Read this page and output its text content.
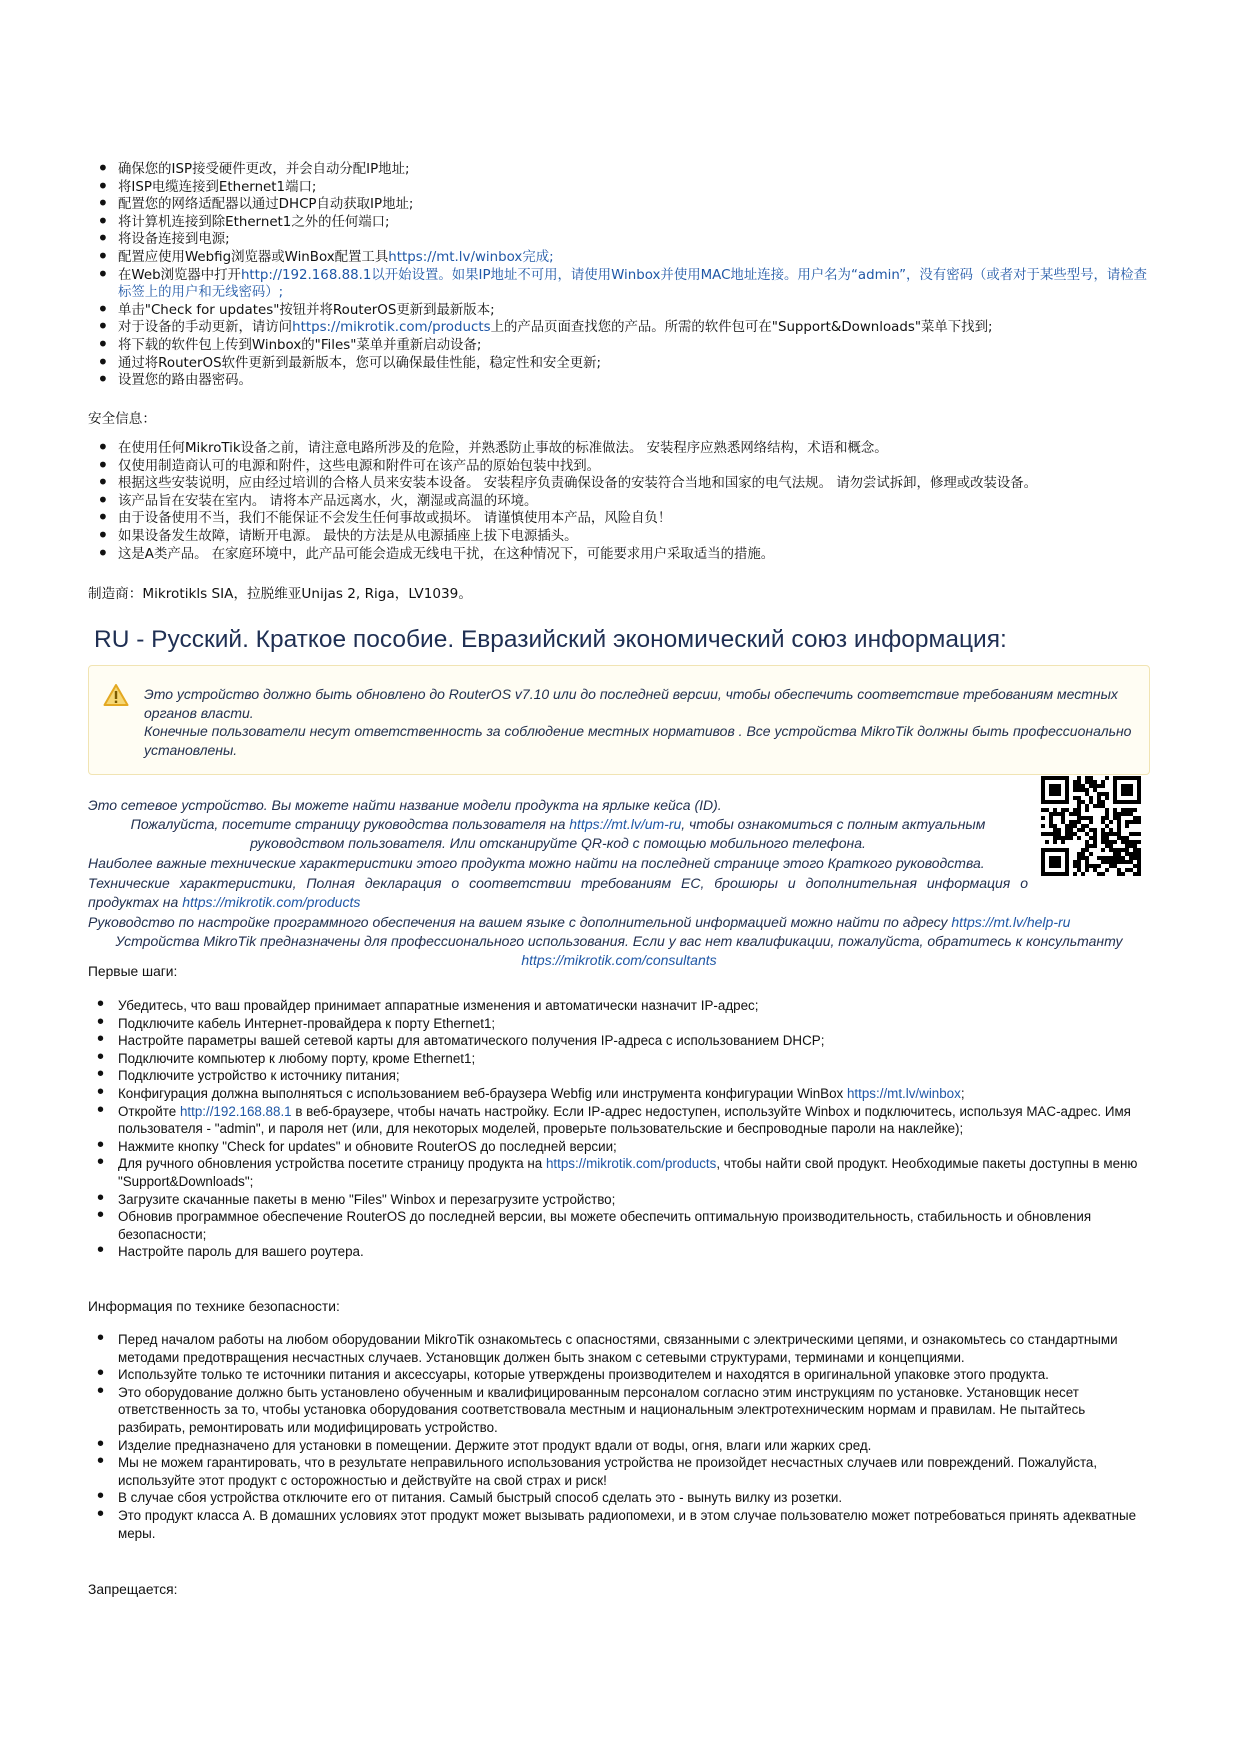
• 确保您的ISP接受硬件更改，并会自动分配IP地址;
• 将ISP电缆连接到Ethernet1端口;
• 配置您的网络适配器以通过DHCP自动获取IP地址;
• 将计算机连接到除Ethernet1之外的任何端口;
• 将设备连接到电源;
• 配置应使用Webfig浏览器或WinBox配置工具https://mt.lv/winbox完成;
• 在Web浏览器中打开http://192.168.88.1以开始设置。如果IP地址不可用，请使用Winbox并使用MAC地址连接。用户名为“admin”，没有密码（或者对于某些型号，请检查标签上的用户和无线密码）;
• 单击"Check for updates"按钮并将RouterOS更新到最新版本;
• 对于设备的手动更新，请访问https://mikrotik.com/products上的产品页面查找您的产品。所需的软件包可在"Support&Downloads"菜单下找到;
• 将下载的软件包上传到Winbox的"Files"菜单并重新启动设备;
• 通过将RouterOS软件更新到最新版本，您可以确保最佳性能，稳定性和安全更新;
• 设置您的路由器密码。
安全信息：
• 在使用任何MikroTik设备之前，请注意电路所涉及的危险，并熟悉防止事故的标准做法。 安装程序应熟悉网络结构，术语和概念。
• 仅使用制造商认可的电源和附件，这些电源和附件可在该产品的原始包装中找到。
• 根据这些安装说明，应由经过培训的合格人员来安装本设备。 安装程序负责确保设备的安装符合当地和国家的电气法规。 请勿尝试拆卸，修理或改装设备。
• 该产品旨在安装在室内。 请将本产品远离水，火，潮湿或高温的环境。
• 由于设备使用不当，我们不能保证不会发生任何事故或损坏。 请谨慎使用本产品，风险自负！
• 如果设备发生故障，请断开电源。 最快的方法是从电源插座上拔下电源插头。
• 这是A类产品。 在家庭环境中，此产品可能会造成无线电干扰，在这种情况下，可能要求用户采取适当的措施。
制造商：Mikrotikls SIA，拉脱维亚Unijas 2, Riga，LV1039。
RU - Русский. Краткое пособие. Евразийский экономический союз информация:

Это устройство должно быть обновлено до RouterOS v7.10 или до последней версии, чтобы обеспечить соответствие требованиям местных органов власти.

Конечные пользователи несут ответственность за соблюдение местных нормативов . Все устройства MikroTik должны быть профессионально установлены.

Это сетевое устройство. Вы можете найти название модели продукта на ярлыке кейса (ID).

Пожалуйста, посетите страницу руководства пользователя на https://mt.lv/um-ru, чтобы ознакомиться с полным актуальным руководством пользователя. Или отсканируйте QR-код с помощью мобильного телефона.

Наиболее важные технические характеристики этого продукта можно найти на последней странице этого Краткого руководства.

Технические характеристики, Полная декларация о соответствии требованиям ЕС, брошюры и дополнительная информация о продуктах на https://mikrotik.com/products

Руководство по настройке программного обеспечения на вашем языке с дополнительной информацией можно найти по адресу https://mt.lv/help-ru

Устройства MikroTik предназначены для профессионального использования. Если у вас нет квалификации, пожалуйста, обратитесь к консультанту https://mikrotik.com/consultants

Первые шаги:
• Убедитесь, что ваш провайдер принимает аппаратные изменения и автоматически назначит IP-адрес;
• Подключите кабель Интернет-провайдера к порту Ethernet1;
• Настройте параметры вашей сетевой карты для автоматического получения IP-адреса с использованием DHCP;
• Подключите компьютер к любому порту, кроме Ethernet1;
• Подключите устройство к источнику питания;
• Конфигурация должна выполняться с использованием веб-браузера Webfig или инструмента конфигурации WinBox https://mt.lv/winbox;
• Откройте http://192.168.88.1 в веб-браузере, чтобы начать настройку. Если IP-адрес недоступен, используйте Winbox и подключитесь, используя MAC-адрес. Имя пользователя - "admin", и пароля нет (или, для некоторых моделей, проверьте пользовательские и беспроводные пароли на наклейке);
• Нажмите кнопку "Check for updates" и обновите RouterOS до последней версии;
• Для ручного обновления устройства посетите страницу продукта на https://mikrotik.com/products, чтобы найти свой продукт. Необходимые пакеты доступны в меню "Support&Downloads";
• Загрузите скачанные пакеты в меню "Files" Winbox и перезагрузите устройство;
• Обновив программное обеспечение RouterOS до последней версии, вы можете обеспечить оптимальную производительность, стабильность и обновления безопасности;
• Настройте пароль для вашего роутера.
Информация по технике безопасности:
• Перед началом работы на любом оборудовании MikroTik ознакомьтесь с опасностями, связанными с электрическими цепями, и ознакомьтесь со стандартными методами предотвращения несчастных случаев. Установщик должен быть знаком с сетевыми структурами, терминами и концепциями.
• Используйте только те источники питания и аксессуары, которые утверждены производителем и находятся в оригинальной упаковке этого продукта.
• Это оборудование должно быть установлено обученным и квалифицированным персоналом согласно этим инструкциям по установке. Установщик несет ответственность за то, чтобы установка оборудования соответствовала местным и национальным электротехническим нормам и правилам. Не пытайтесь разбирать, ремонтировать или модифицировать устройство.
• Изделие предназначено для установки в помещении. Держите этот продукт вдали от воды, огня, влаги или жарких сред.
• Мы не можем гарантировать, что в результате неправильного использования устройства не произойдет несчастных случаев или повреждений. Пожалуйста, используйте этот продукт с осторожностью и действуйте на свой страх и риск!
• В случае сбоя устройства отключите его от питания. Самый быстрый способ сделать это - вынуть вилку из розетки.
• Это продукт класса А. В домашних условиях этот продукт может вызывать радиопомехи, и в этом случае пользователю может потребоваться принять адекватные меры.
Запрещается:
